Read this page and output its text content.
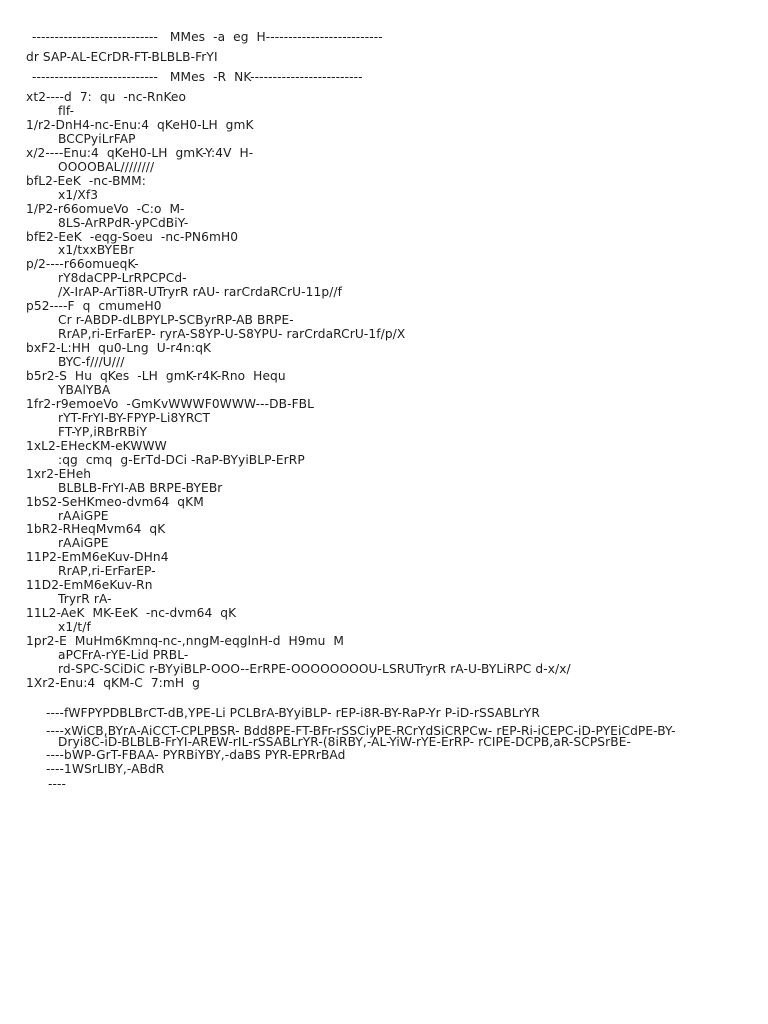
----------------------------   MMes  -a  eg  H--------------------------
dr SAP-AL-ECrDR-FT-BLBLB-FrYI
----------------------------   MMes  -R  NK-------------------------
xt2----d  7:  qu  -nc-RnKeo
flf-
1/r2-DnH4-nc-Enu:4  qKeH0-LH  gmK
BCCPyiLrFAP
x/2----Enu:4  qKeH0-LH  gmK-Y:4V  H-
OOOOBAL////////
bfL2-EeK  -nc-BMM:
x1/Xf3
1/P2-r66omueVo  -C:o  M-
8LS-ArRPdR-yPCdBiY-
bfE2-EeK  -eqg-Soeu  -nc-PN6mH0
x1/txxBYEBr
p/2----r66omueqK-
rY8daCPP-LrRPCPCd-
/X-IrAP-ArTi8R-UTryrR rAU- rarCrdaRCrU-11p//f
p52----F  q  cmumeH0
Cr r-ABDP-dLBPYLP-SCByrRP-AB BRPE-
RrAP,ri-ErFarEP- ryrA-S8YP-U-S8YPU- rarCrdaRCrU-1f/p/X
bxF2-L:HH  qu0-Lng  U-r4n:qK
BYC-f///U///
b5r2-S  Hu  qKes  -LH  gmK-r4K-Rno  Hequ
YBAlYBA
1fr2-r9emoeVo  -GmKvWWWF0WWW---DB-FBL
rYT-FrYI-BY-FPYP-Li8YRCT
FT-YP,iRBrRBiY
1xL2-EHecKM-eKWWW
:qg  cmq  g-ErTd-DCi -RaP-BYyiBLP-ErRP
1xr2-EHeh
BLBLB-FrYI-AB BRPE-BYEBr
1bS2-SeHKmeo-dvm64  qKM
rAAiGPE
1bR2-RHeqMvm64  qK
rAAiGPE
11P2-EmM6eKuv-DHn4
RrAP,ri-ErFarEP-
11D2-EmM6eKuv-Rn
TryrR rA-
11L2-AeK  MK-EeK  -nc-dvm64  qK
x1/t/f
1pr2-E  MuHm6Kmnq-nc-,nngM-eqglnH-d  H9mu  M
aPCFrA-rYE-Lid PRBL-
rd-SPC-SCiDiC r-BYyiBLP-OOO--ErRPE-OOOOOOOOU-LSRUTryrR rA-U-BYLiRPC d-x/x/
1Xr2-Enu:4  qKM-C  7:mH  g
----fWFPYPDBLBrCT-dB,YPE-Li PCLBrA-BYyiBLP- rEP-i8R-BY-RaP-Yr P-iD-rSSABLrYR
----xWiCB,BYrA-AiCCT-CPLPBSR- Bdd8PE-FT-BFr-rSSCiyPE-RCrYdSiCRPCw- rEP-Ri-iCEPC-iD-PYEiCdPE-BY-
Dryi8C-iD-BLBLB-FrYI-AREW-rIL-rSSABLrYR-(8iRBY,-AL-YiW-rYE-ErRP- rCIPE-DCPB,aR-SCPSrBE-
----bWP-GrT-FBAA- PYRBiYBY,-daBS PYR-EPRrBAd
----1WSrLIBY,-ABdR
----
